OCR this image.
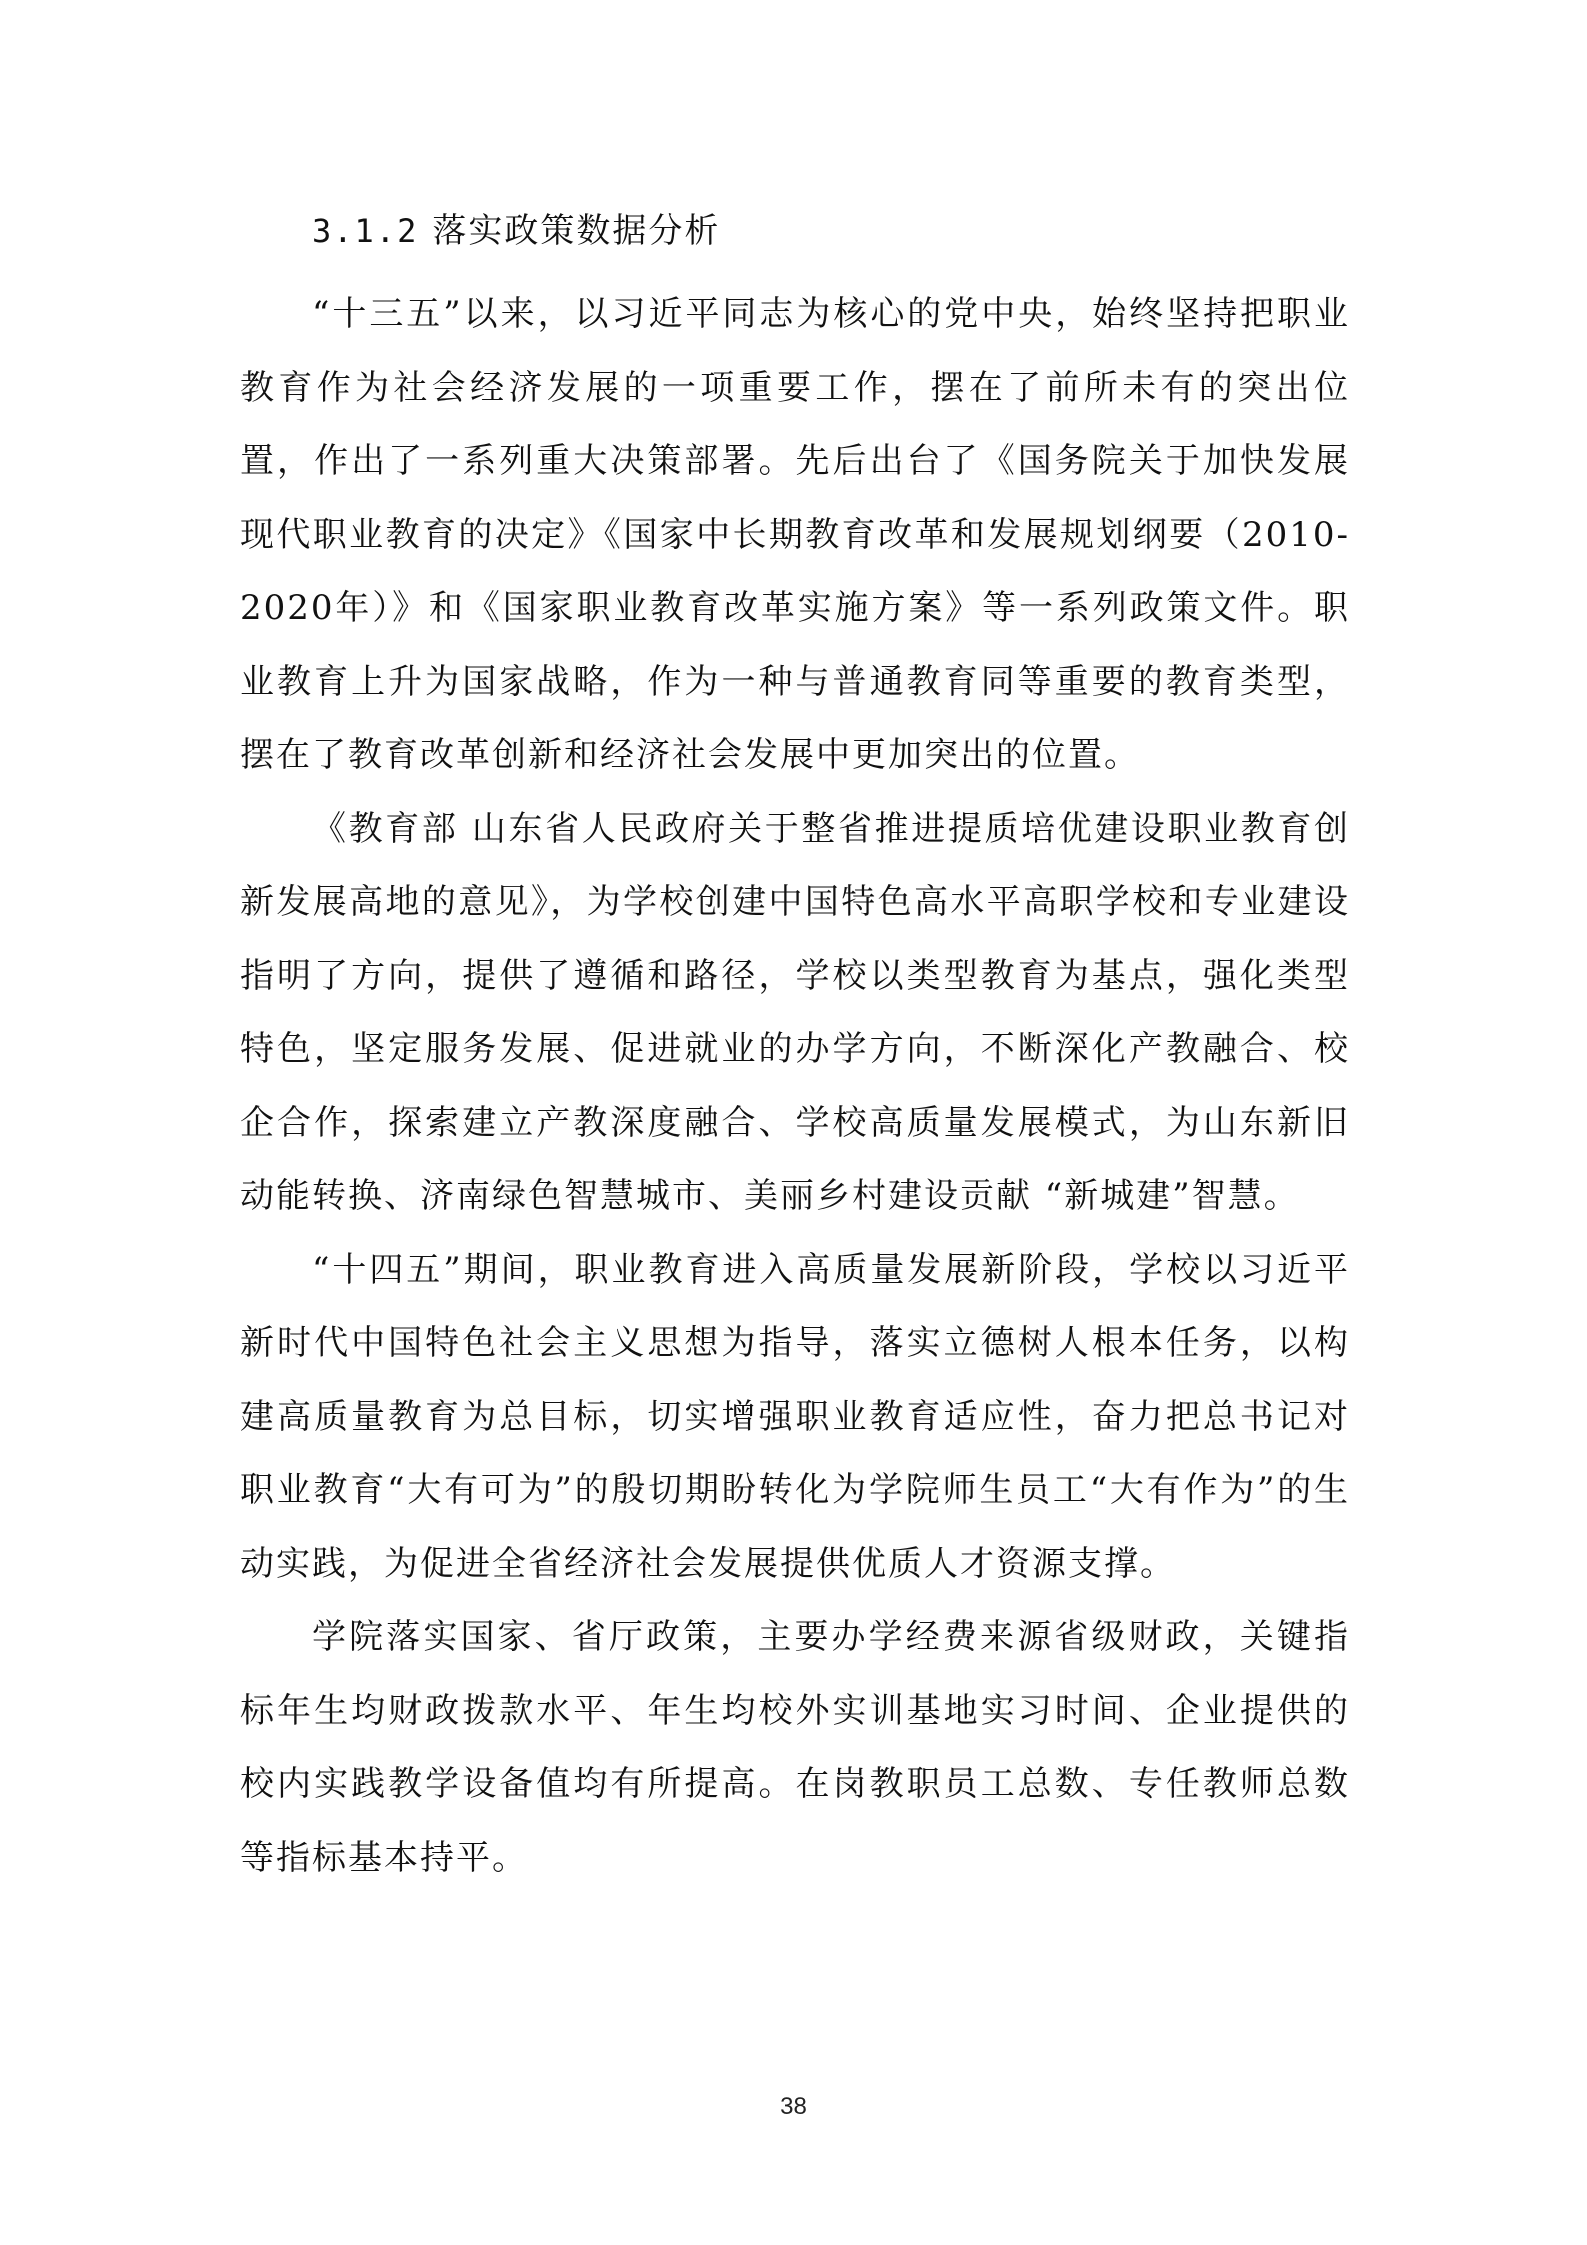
3.1.2 落实政策数据分析

“十三五”以来，以习近平同志为核心的党中央，始终坚持把职业教育作为社会经济发展的一项重要工作，摆在了前所未有的突出位置，作出了一系列重大决策部署。先后出台了《国务院关于加快发展现代职业教育的决定》《国家中长期教育改革和发展规划纲要（2010-2020年）》和《国家职业教育改革实施方案》等一系列政策文件。职业教育上升为国家战略，作为一种与普通教育同等重要的教育类型，摆在了教育改革创新和经济社会发展中更加突出的位置。

《教育部 山东省人民政府关于整省推进提质培优建设职业教育创新发展高地的意见》，为学校创建中国特色高水平高职学校和专业建设指明了方向，提供了遵循和路径，学校以类型教育为基点，强化类型特色，坚定服务发展、促进就业的办学方向，不断深化产教融合、校企合作，探索建立产教深度融合、学校高质量发展模式，为山东新旧动能转换、济南绿色智慧城市、美丽乡村建设贡献 “新城建”智慧。

“十四五”期间，职业教育进入高质量发展新阶段，学校以习近平新时代中国特色社会主义思想为指导，落实立德树人根本任务，以构建高质量教育为总目标，切实增强职业教育适应性，奋力把总书记对职业教育“大有可为”的殷切期盼转化为学院师生员工“大有作为”的生动实践，为促进全省经济社会发展提供优质人才资源支撑。

学院落实国家、省厅政策，主要办学经费来源省级财政，关键指标年生均财政拨款水平、年生均校外实训基地实习时间、企业提供的校内实践教学设备值均有所提高。在岗教职员工总数、专任教师总数等指标基本持平。

38
